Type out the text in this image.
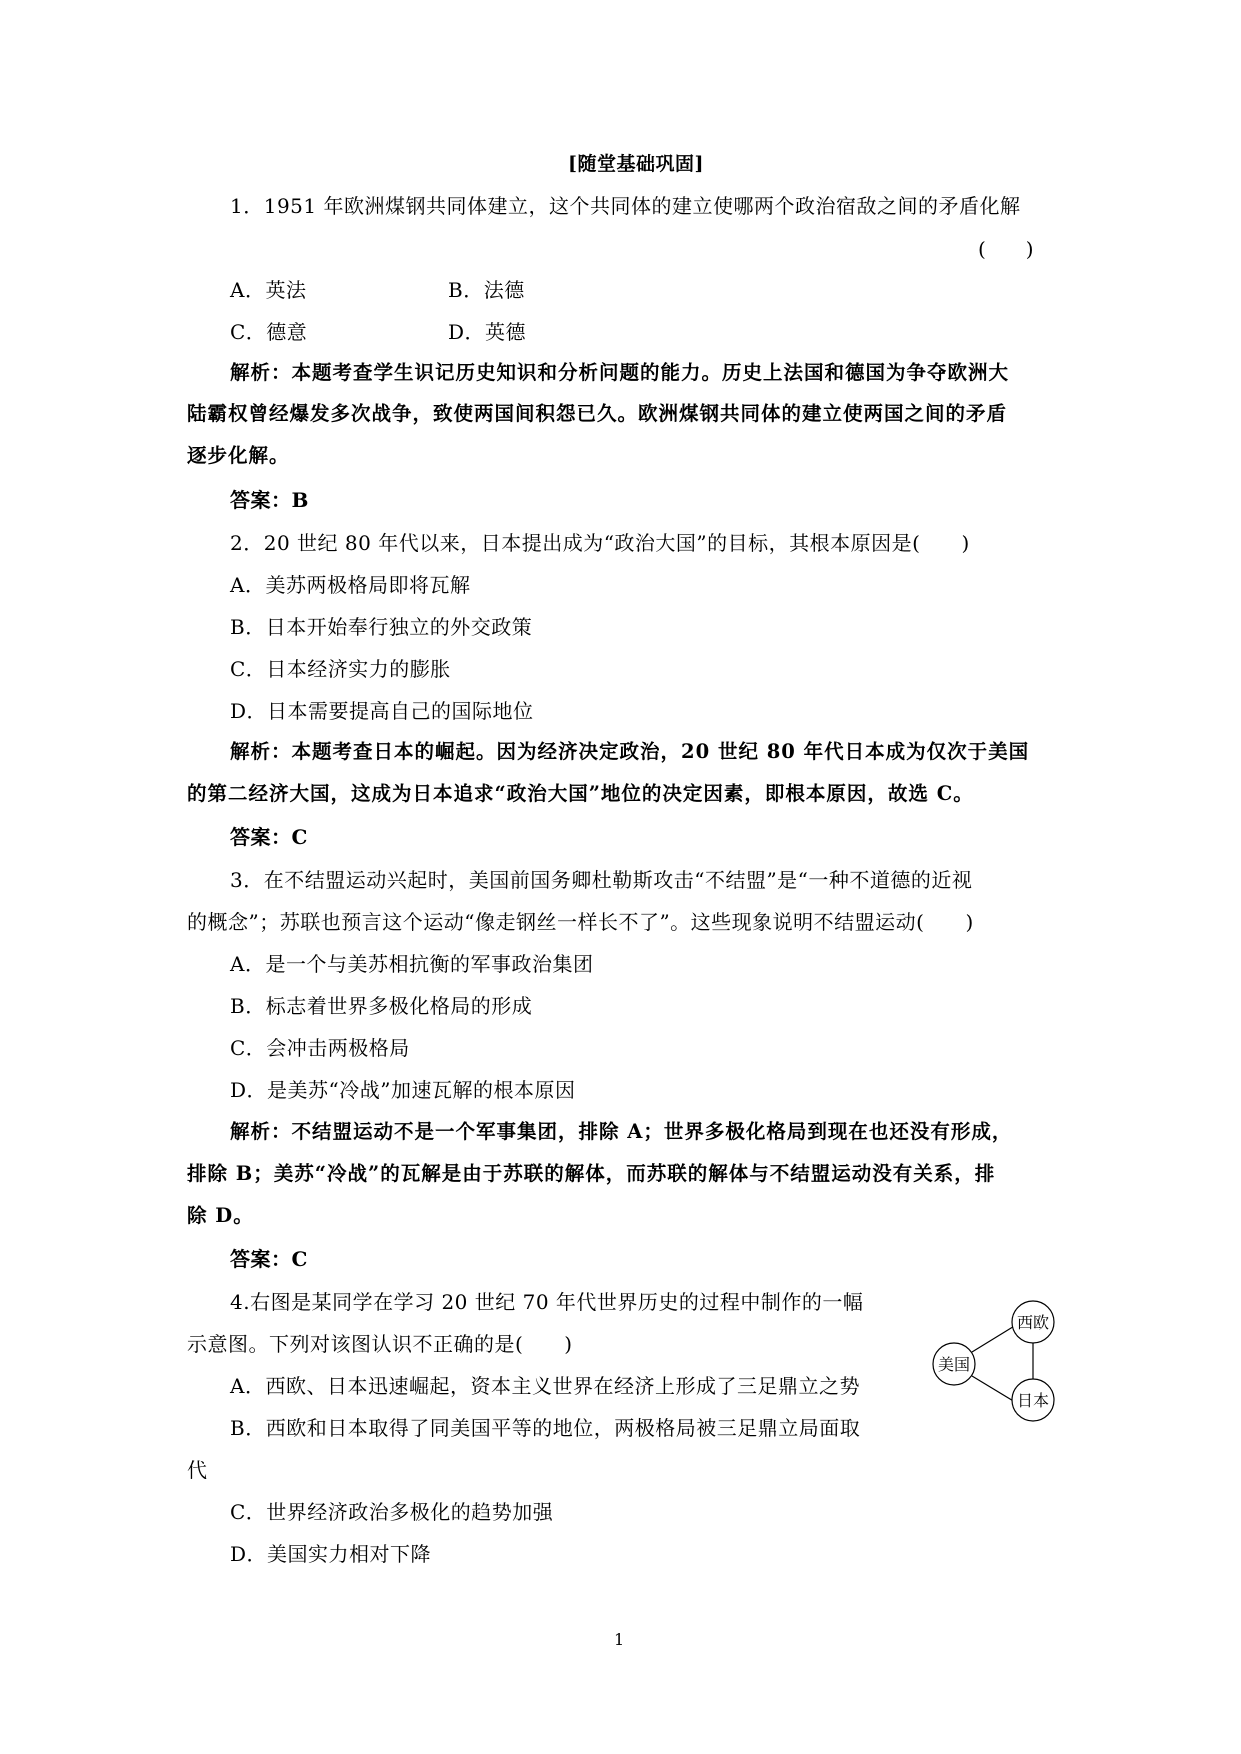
[随堂基础巩固]
1．1951 年欧洲煤钢共同体建立，这个共同体的建立使哪两个政治宿敌之间的矛盾化解
(　　)
A．英法	B．法德
C．德意	D．英德
解析：本题考查学生识记历史知识和分析问题的能力。历史上法国和德国为争夺欧洲大
陆霸权曾经爆发多次战争，致使两国间积怨已久。欧洲煤钢共同体的建立使两国之间的矛盾
逐步化解。
答案：B
2．20 世纪 80 年代以来，日本提出成为“政治大国”的目标，其根本原因是(　　)
A．美苏两极格局即将瓦解
B．日本开始奉行独立的外交政策
C．日本经济实力的膨胀
D．日本需要提高自己的国际地位
解析：本题考查日本的崛起。因为经济决定政治，20 世纪 80 年代日本成为仅次于美国
的第二经济大国，这成为日本追求“政治大国”地位的决定因素，即根本原因，故选 C。
答案：C
3．在不结盟运动兴起时，美国前国务卿杜勒斯攻击“不结盟”是“一种不道德的近视
的概念”；苏联也预言这个运动“像走钢丝一样长不了”。这些现象说明不结盟运动(　　)
A．是一个与美苏相抗衡的军事政治集团
B．标志着世界多极化格局的形成
C．会冲击两极格局
D．是美苏“冷战”加速瓦解的根本原因
解析：不结盟运动不是一个军事集团，排除 A；世界多极化格局到现在也还没有形成，
排除 B；美苏“冷战”的瓦解是由于苏联的解体，而苏联的解体与不结盟运动没有关系，排
除 D。
答案：C
4.右图是某同学在学习 20 世纪 70 年代世界历史的过程中制作的一幅
示意图。下列对该图认识不正确的是(　　)
A．西欧、日本迅速崛起，资本主义世界在经济上形成了三足鼎立之势
B．西欧和日本取得了同美国平等的地位，两极格局被三足鼎立局面取
代
C．世界经济政治多极化的趋势加强
D．美国实力相对下降
西欧
美国
日本
1
